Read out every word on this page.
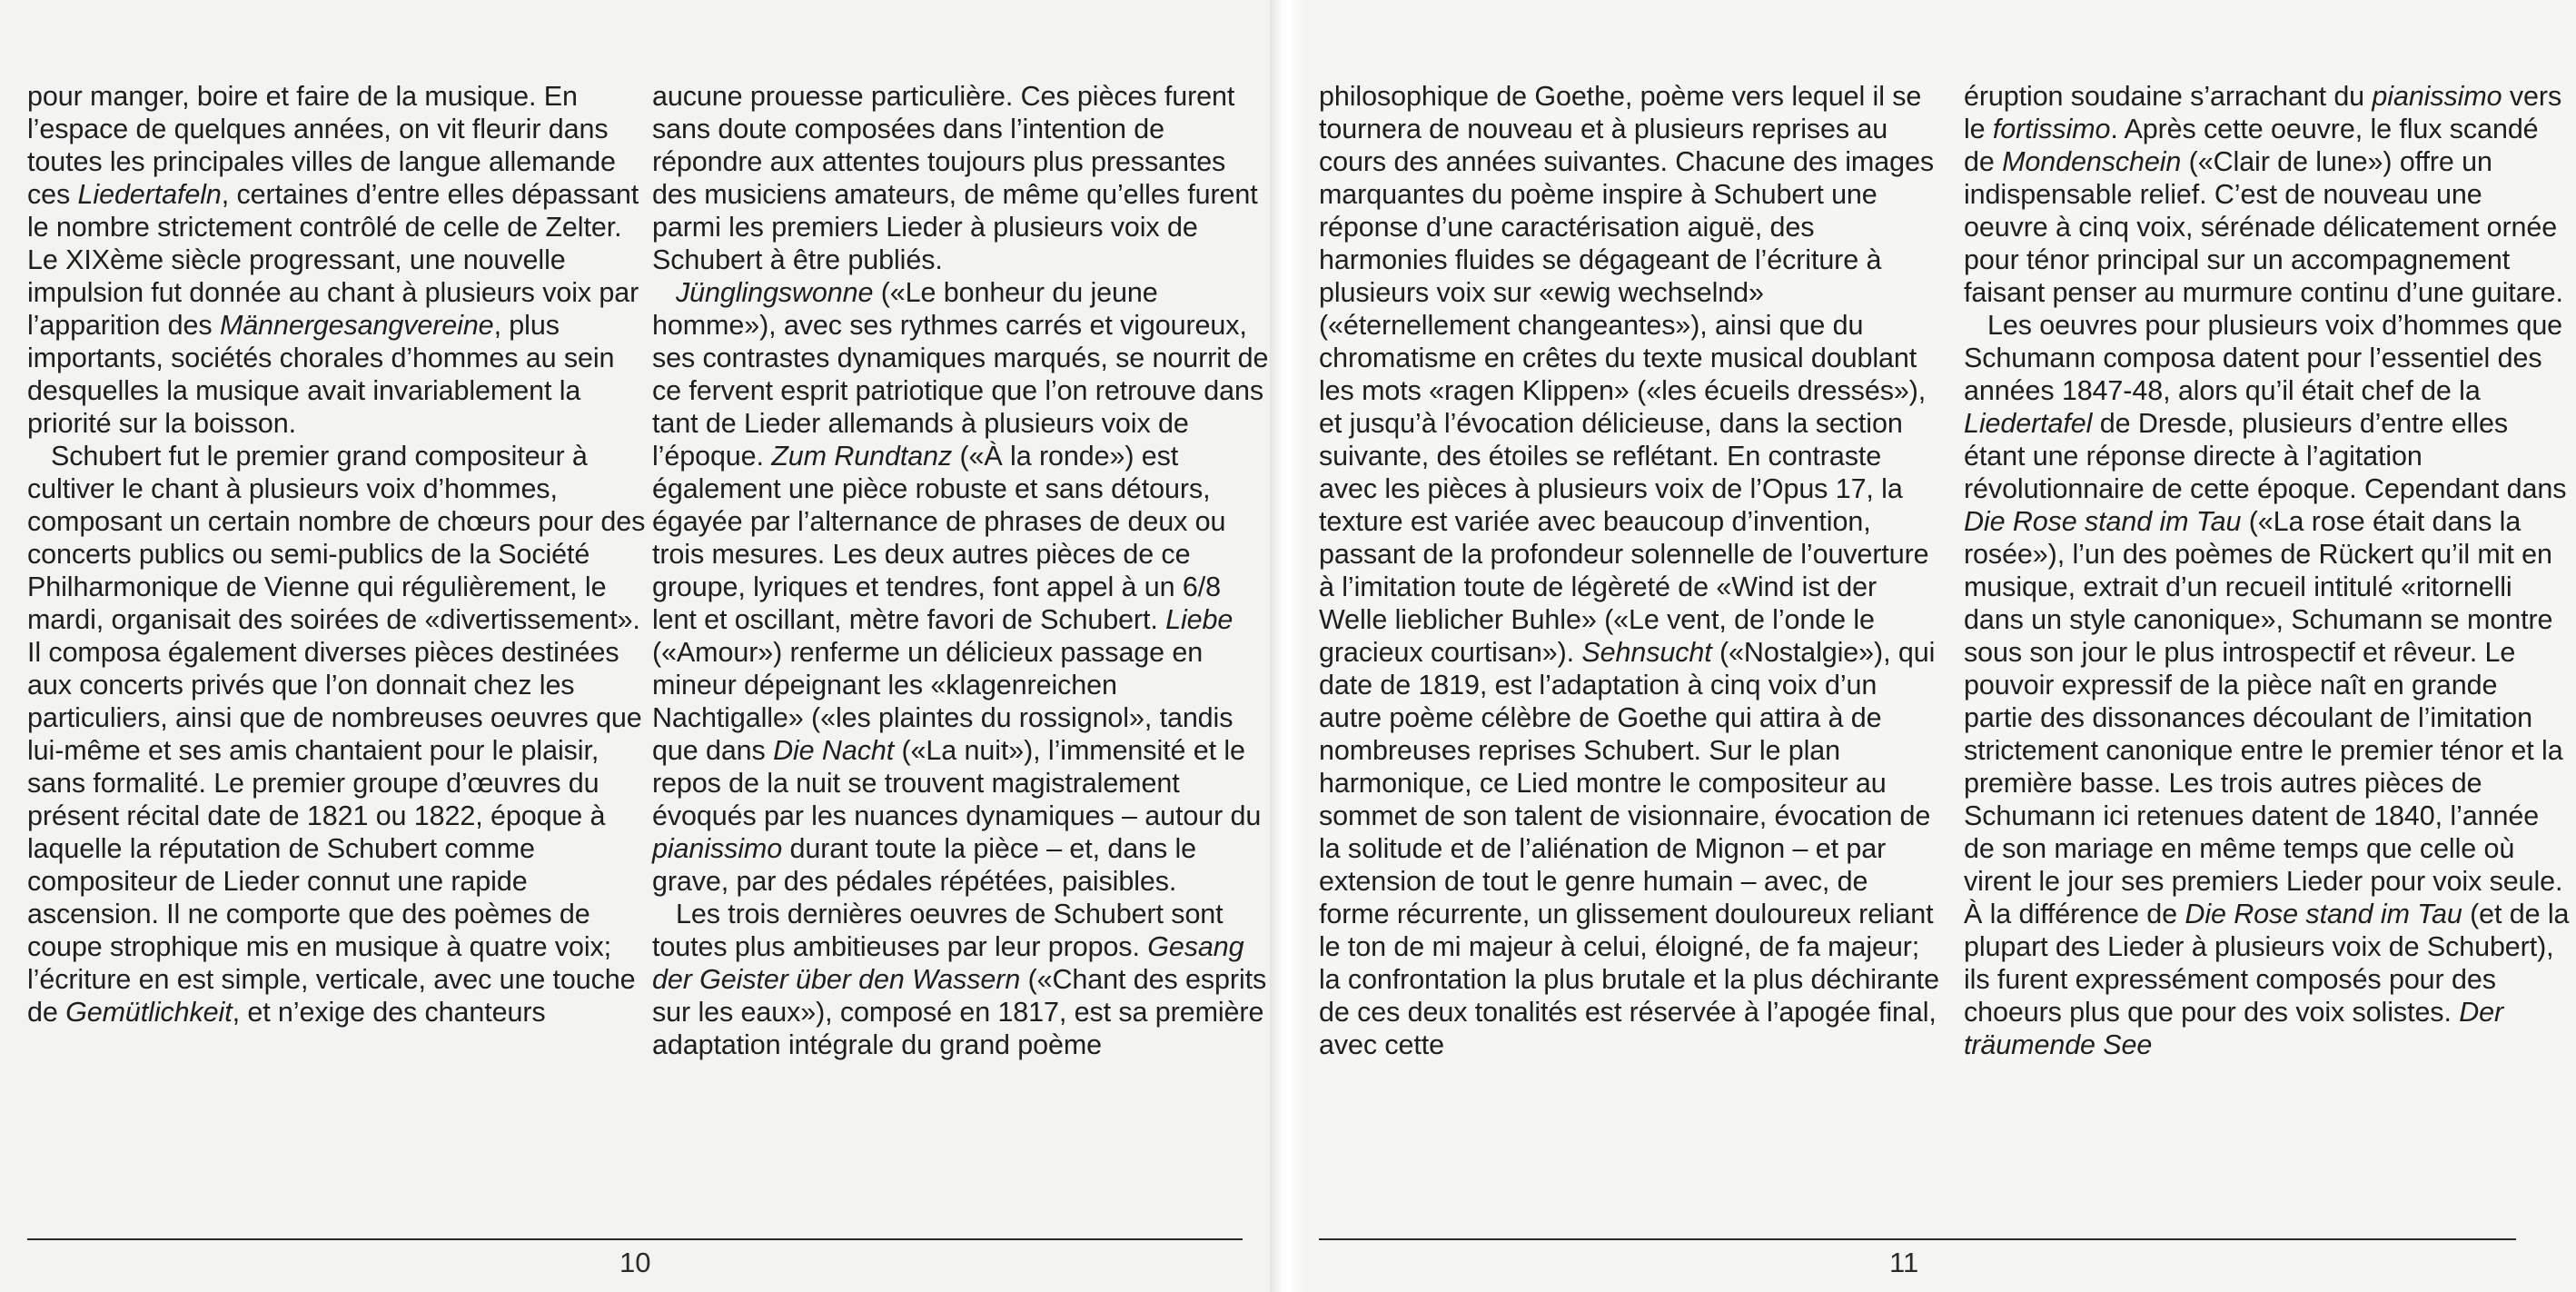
pour manger, boire et faire de la musique. En l’espace de quelques années, on vit fleurir dans toutes les principales villes de langue allemande ces Liedertafeln, certaines d’entre elles dépassant le nombre strictement contrôlé de celle de Zelter. Le XIXème siècle progressant, une nouvelle impulsion fut donnée au chant à plusieurs voix par l’apparition des Männergesangvereine, plus importants, sociétés chorales d’hommes au sein desquelles la musique avait invariablement la priorité sur la boisson.

Schubert fut le premier grand compositeur à cultiver le chant à plusieurs voix d’hommes, composant un certain nombre de chœurs pour des concerts publics ou semi-publics de la Société Philharmonique de Vienne qui régulièrement, le mardi, organisait des soirées de «divertissement». Il composa également diverses pièces destinées aux concerts privés que l’on donnait chez les particuliers, ainsi que de nombreuses oeuvres que lui-même et ses amis chantaient pour le plaisir, sans formalité. Le premier groupe d’œuvres du présent récital date de 1821 ou 1822, époque à laquelle la réputation de Schubert comme compositeur de Lieder connut une rapide ascension. Il ne comporte que des poèmes de coupe strophique mis en musique à quatre voix; l’écriture en est simple, verticale, avec une touche de Gemütlichkeit, et n’exige des chanteurs

aucune prouesse particulière. Ces pièces furent sans doute composées dans l’intention de répondre aux attentes toujours plus pressantes des musiciens amateurs, de même qu’elles furent parmi les premiers Lieder à plusieurs voix de Schubert à être publiés.

Jünglingswonne («Le bonheur du jeune homme»), avec ses rythmes carrés et vigoureux, ses contrastes dynamiques marqués, se nourrit de ce fervent esprit patriotique que l’on retrouve dans tant de Lieder allemands à plusieurs voix de l’époque. Zum Rundtanz («À la ronde») est également une pièce robuste et sans détours, égayée par l’alternance de phrases de deux ou trois mesures. Les deux autres pièces de ce groupe, lyriques et tendres, font appel à un 6/8 lent et oscillant, mètre favori de Schubert. Liebe («Amour») renferme un délicieux passage en mineur dépeignant les «klagenreichen Nachtigalle» («les plaintes du rossignol», tandis que dans Die Nacht («La nuit»), l’immensité et le repos de la nuit se trouvent magistralement évoqués par les nuances dynamiques – autour du pianissimo durant toute la pièce – et, dans le grave, par des pédales répétées, paisibles.

Les trois dernières oeuvres de Schubert sont toutes plus ambitieuses par leur propos. Gesang der Geister über den Wassern («Chant des esprits sur les eaux»), composé en 1817, est sa première adaptation intégrale du grand poème

10

philosophique de Goethe, poème vers lequel il se tournera de nouveau et à plusieurs reprises au cours des années suivantes. Chacune des images marquantes du poème inspire à Schubert une réponse d’une caractérisation aiguë, des harmonies fluides se dégageant de l’écriture à plusieurs voix sur «ewig wechselnd» («éternellement changeantes»), ainsi que du chromatisme en crêtes du texte musical doublant les mots «ragen Klippen» («les écueils dressés»), et jusqu’à l’évocation délicieuse, dans la section suivante, des étoiles se reflétant. En contraste avec les pièces à plusieurs voix de l’Opus 17, la texture est variée avec beaucoup d’invention, passant de la profondeur solennelle de l’ouverture à l’imitation toute de légèreté de «Wind ist der Welle lieblicher Buhle» («Le vent, de l’onde le gracieux courtisan»). Sehnsucht («Nostalgie»), qui date de 1819, est l’adaptation à cinq voix d’un autre poème célèbre de Goethe qui attira à de nombreuses reprises Schubert. Sur le plan harmonique, ce Lied montre le compositeur au sommet de son talent de visionnaire, évocation de la solitude et de l’aliénation de Mignon – et par extension de tout le genre humain – avec, de forme récurrente, un glissement douloureux reliant le ton de mi majeur à celui, éloigné, de fa majeur; la confrontation la plus brutale et la plus déchirante de ces deux tonalités est réservée à l’apogée final, avec cette

éruption soudaine s’arrachant du pianissimo vers le fortissimo. Après cette oeuvre, le flux scandé de Mondenschein («Clair de lune») offre un indispensable relief. C’est de nouveau une oeuvre à cinq voix, sérénade délicatement ornée pour ténor principal sur un accompagnement faisant penser au murmure continu d’une guitare.

Les oeuvres pour plusieurs voix d’hommes que Schumann composa datent pour l’essentiel des années 1847-48, alors qu’il était chef de la Liedertafel de Dresde, plusieurs d’entre elles étant une réponse directe à l’agitation révolutionnaire de cette époque. Cependant dans Die Rose stand im Tau («La rose était dans la rosée»), l’un des poèmes de Rückert qu’il mit en musique, extrait d’un recueil intitulé «ritornelli dans un style canonique», Schumann se montre sous son jour le plus introspectif et rêveur. Le pouvoir expressif de la pièce naît en grande partie des dissonances découlant de l’imitation strictement canonique entre le premier ténor et la première basse. Les trois autres pièces de Schumann ici retenues datent de 1840, l’année de son mariage en même temps que celle où virent le jour ses premiers Lieder pour voix seule. À la différence de Die Rose stand im Tau (et de la plupart des Lieder à plusieurs voix de Schubert), ils furent expressément composés pour des choeurs plus que pour des voix solistes. Der träumende See

11
